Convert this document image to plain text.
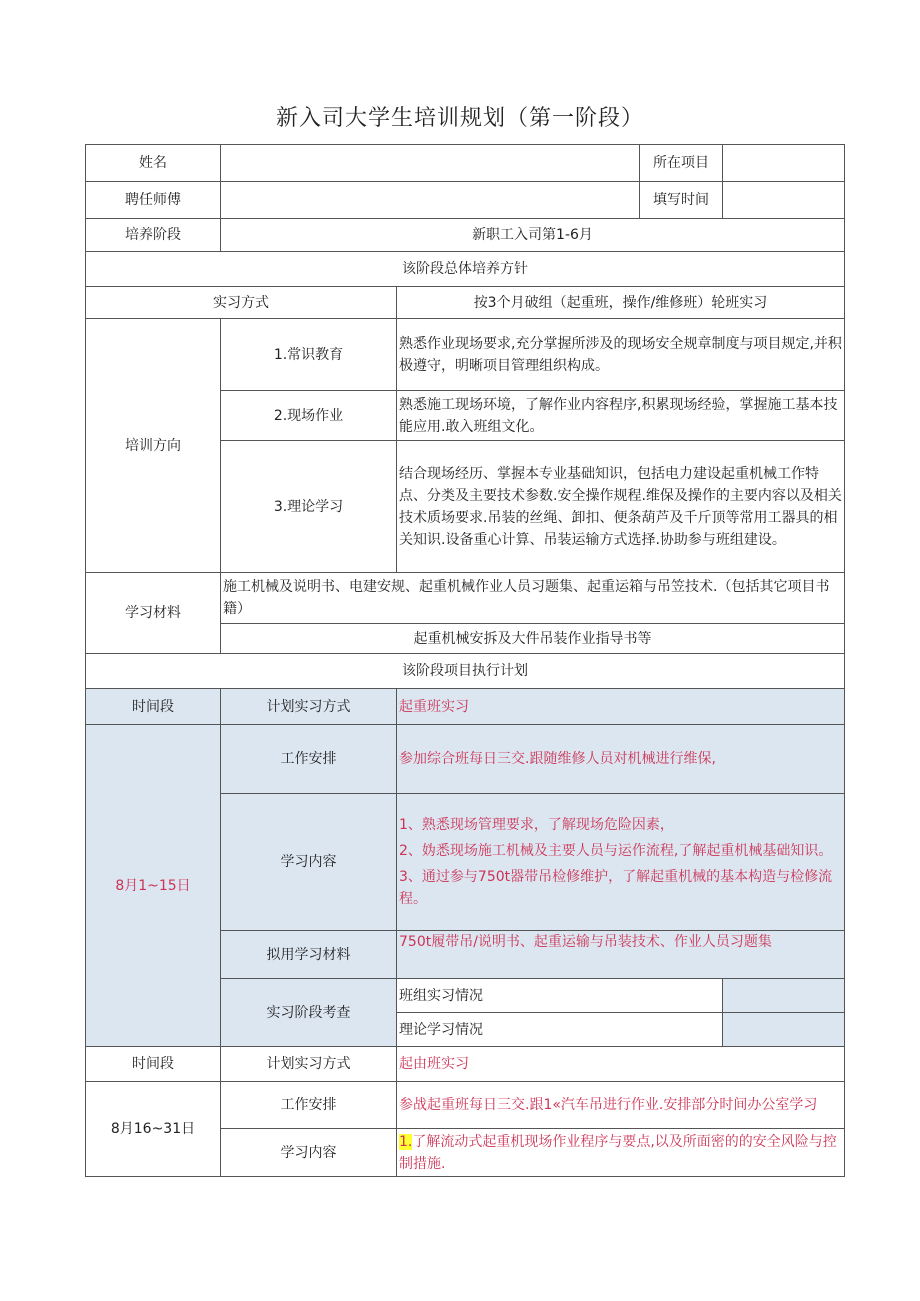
新入司大学生培训规划（第一阶段）
姓名			所在项目	
聘任师傅			填写时间	
培养阶段	新职工入司第1-6月			
该阶段总体培养方针				
实习方式		按3个月破组（起重班，操作/维修班）轮班实习		
培训方向	1.常识教育	熟悉作业现场要求,充分掌握所涉及的现场安全规章制度与项目规定,并积极遵守，明晰项目管理组织构成。		
	2.现场作业	熟悉施工现场环境，了解作业内容程序,积累现场经验，掌握施工基本技能应用.敢入班组文化。		
	3.理论学习	结合现场经历、掌握本专业基础知识，包括电力建设起重机械工作特点、分类及主要技术参数.安全操作规程.维保及操作的主要内容以及相关技术质场要求.吊装的丝绳、卸扣、便条葫芦及千斤顶等常用工器具的相关知识.设备重心计算、吊装运输方式选择.协助参与班组建设。		
学习材料	施工机械及说明书、电建安规、起重机械作业人员习题集、起重运箱与吊笠技术.（包括其它项目书籍）			
	起重机械安拆及大件吊装作业指导书等			
该阶段项目执行计划				
时间段	计划实习方式	起重班实习		
8月1~15日	工作安排	参加综合班每日三交.跟随维修人员对机械进行维保,		
	学习内容	1、熟悉现场管理要求，了解现场危险因素，
2、妫悉现场施工机械及主要人员与运作流程,了解起重机械基础知识。
3、通过参与750t器带吊检修维护，了解起重机械的基本构造与检修流程。		

	拟用学习材料	750t履带吊/说明书、起重运输与吊装技术、作业人员习题集		
	实习阶段考查	班组实习情况		
		理论学习情况		
时间段	计划实习方式	起由班实习		
8月16~31日	工作安排	参战起重班每日三交.跟1«汽车吊进行作业.安排部分时间办公室学习		
	学习内容	1.了解流动式起重机现场作业程序与要点,以及所面密的的安全风险与控制措施.		
